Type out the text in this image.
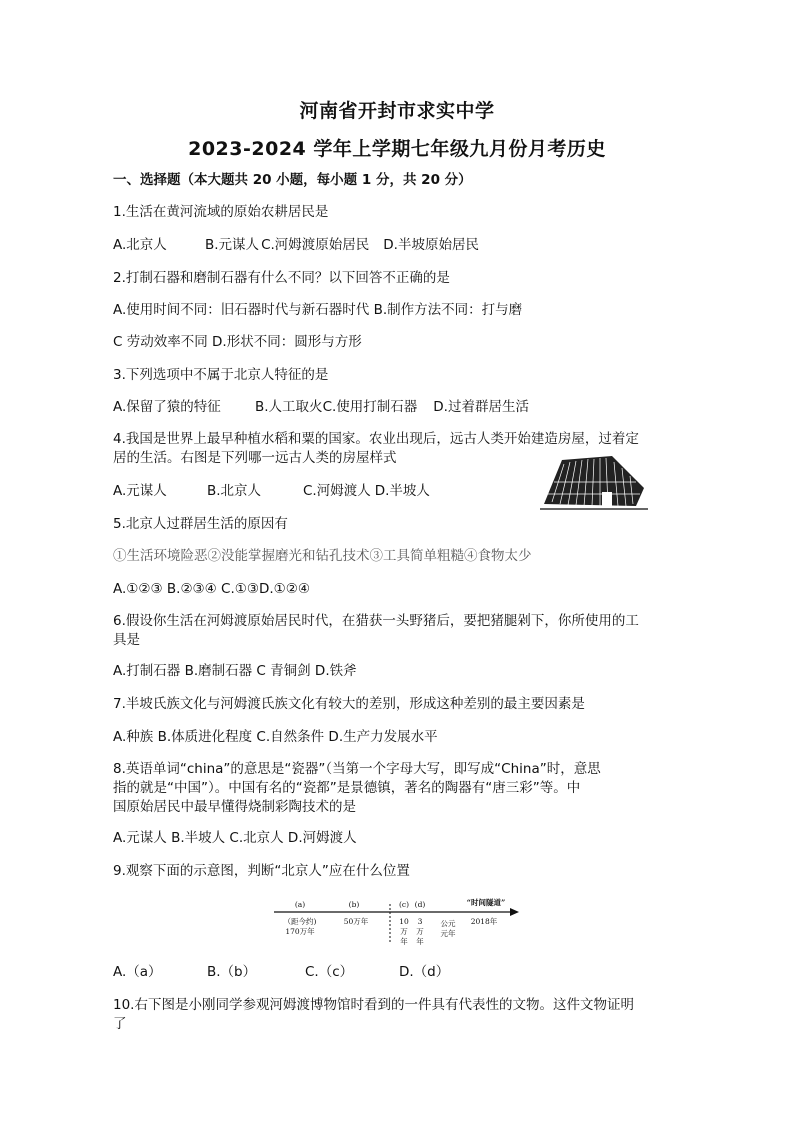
河南省开封市求实中学
2023-2024 学年上学期七年级九月份月考历史
一、选择题（本大题共 20 小题，每小题 1 分，共 20 分）
1.生活在黄河流域的原始农耕居民是
A.北京人	B.元谋人 C.河姆渡原始居民 D.半坡原始居民
2.打制石器和磨制石器有什么不同？以下回答不正确的是
A.使用时间不同：旧石器时代与新石器时代 B.制作方法不同：打与磨
C 劳动效率不同 D.形状不同：圆形与方形
3.下列选项中不属于北京人特征的是
A.保留了猿的特征	B.人工取火C.使用打制石器 D.过着群居生活
4.我国是世界上最早种植水稻和粟的国家。农业出现后，远古人类开始建造房屋，过着定
居的生活。右图是下列哪一远古人类的房屋样式
A.元谋人	B.北京人	C.河姆渡人 D.半坡人
5.北京人过群居生活的原因有
①生活环境险恶②没能掌握磨光和钻孔技术③工具简单粗糙④食物太少
A.①②③ B.②③④ C.①③D.①②④
6.假设你生活在河姆渡原始居民时代，在猎获一头野猪后，要把猪腿剁下，你所使用的工
具是
A.打制石器 B.磨制石器 C 青铜剑 D.铁斧
7.半坡氏族文化与河姆渡氏族文化有较大的差别，形成这种差别的最主要因素是
A.种族 B.体质进化程度 C.自然条件 D.生产力发展水平
8.英语单词“china”的意思是“瓷器”（当第一个字母大写，即写成“China”时，意思
指的就是“中国”）。中国有名的“瓷都”是景德镇，著名的陶器有“唐三彩”等。中
国原始居民中最早懂得烧制彩陶技术的是
A.元谋人 B.半坡人 C.北京人 D.河姆渡人
9.观察下面的示意图，判断“北京人”应在什么位置
(a)	(b)	(c) (d)	“时间隧道”
（距今约)
170万年
50万年	10
万
年
3
万
年
公元
元年
2018年
A.（a）	B.（b）	C.（c）	D.（d）
10.右下图是小刚同学参观河姆渡博物馆时看到的一件具有代表性的文物。这件文物证明
了
